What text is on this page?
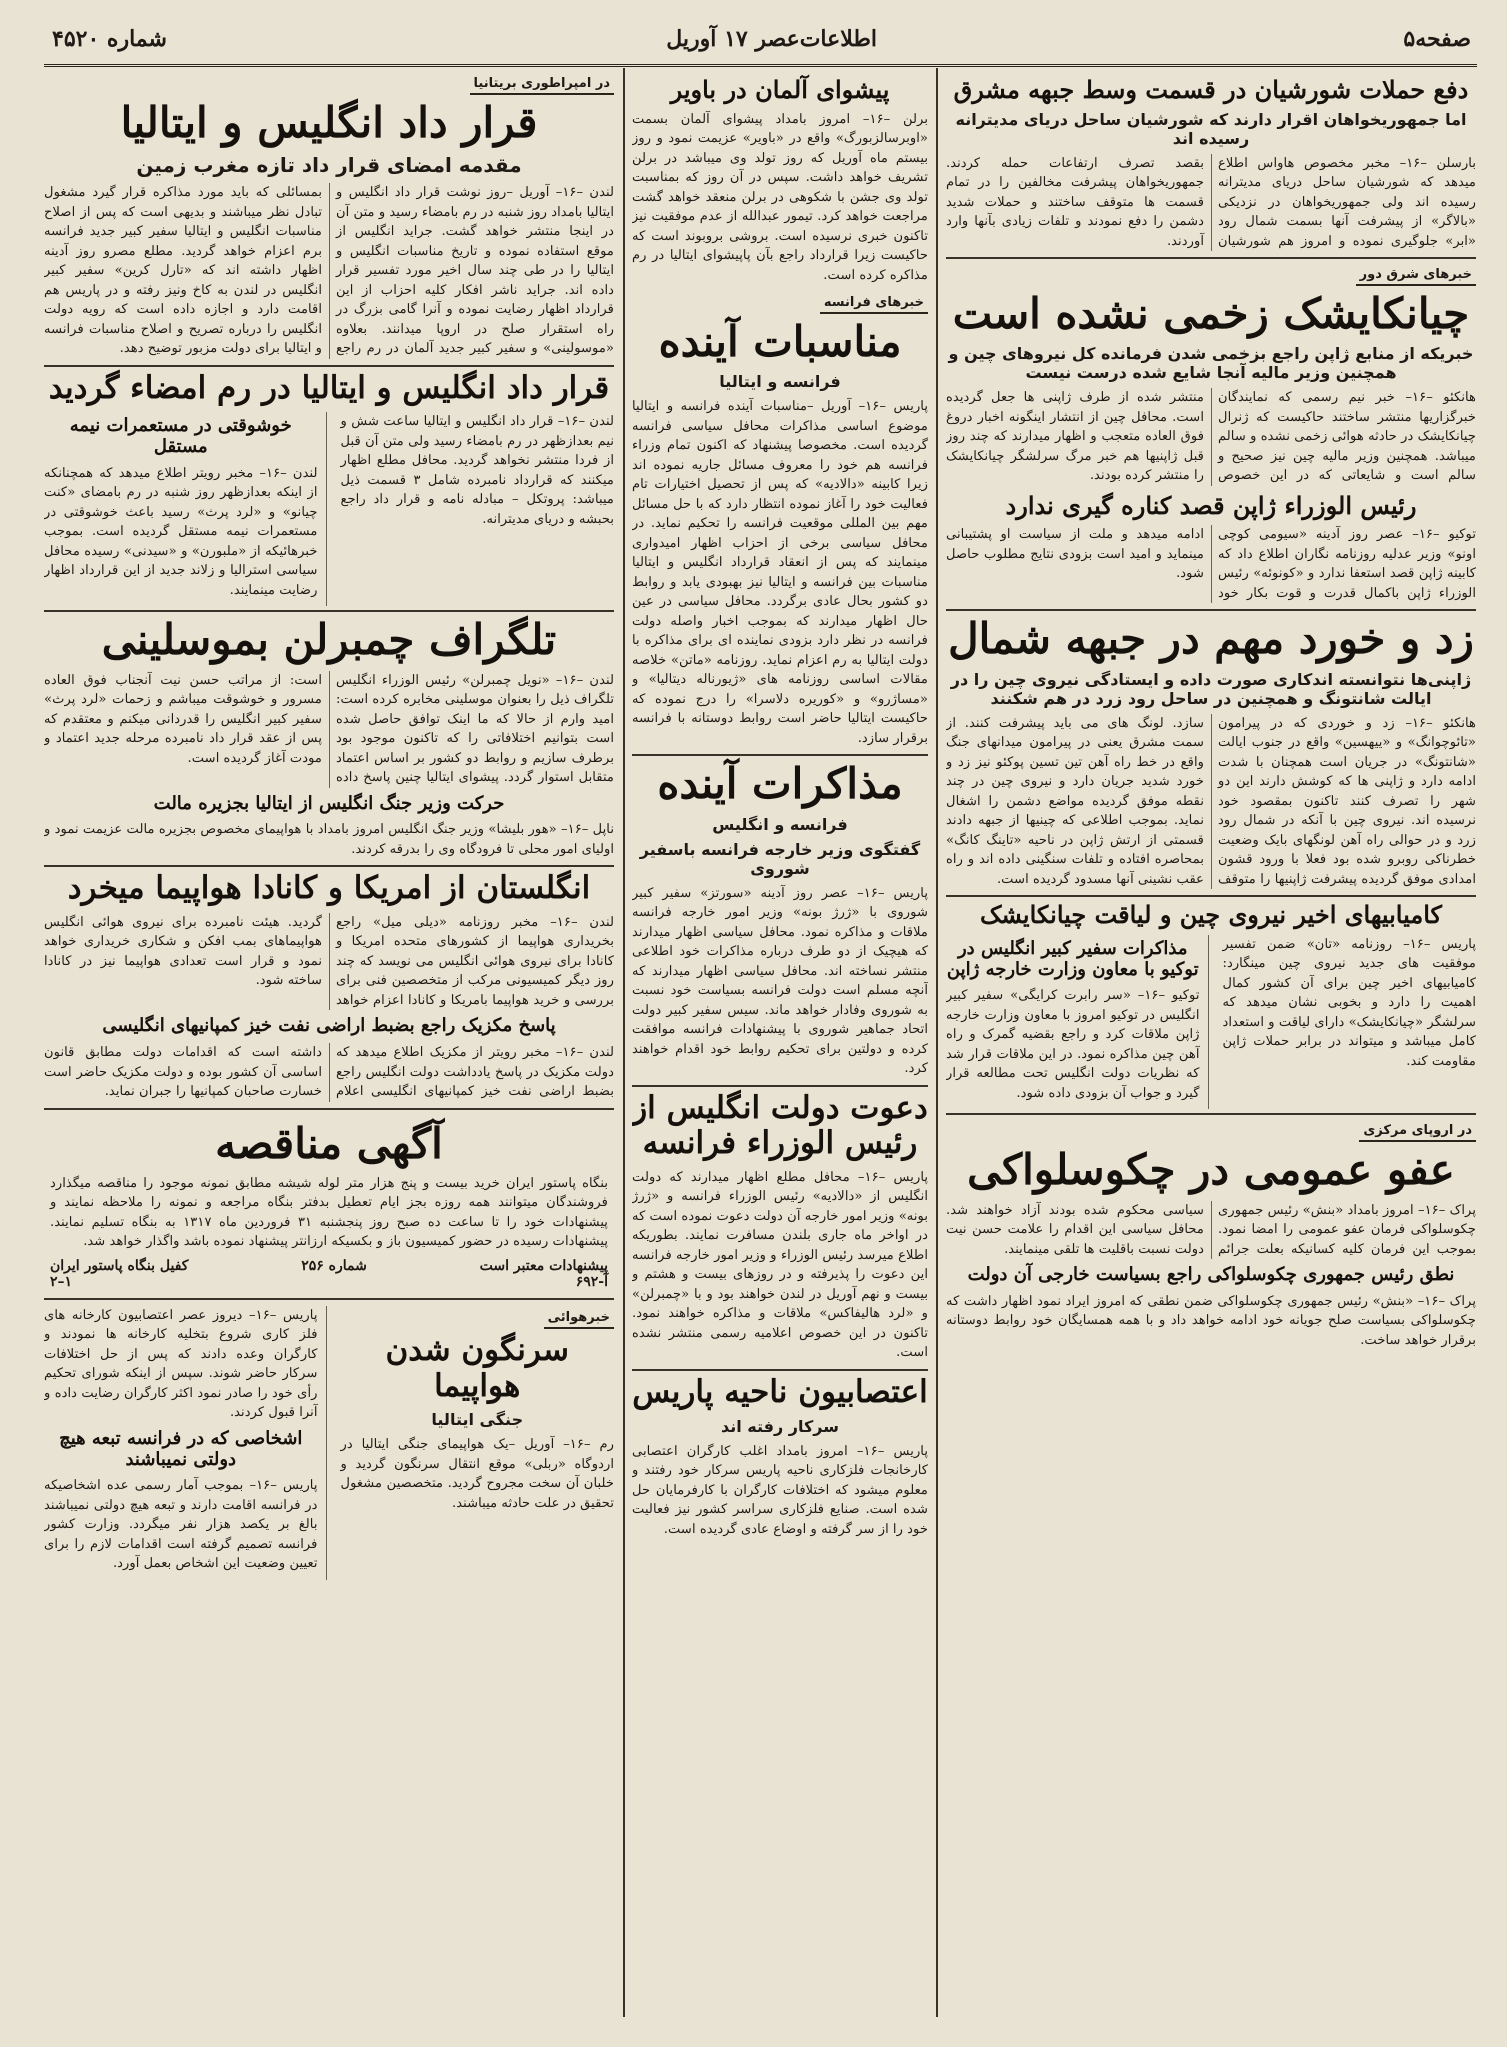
صفحه۵
اطلاعات‌عصر ۱۷ آوریل
شماره ۴۵۲۰
دفع حملات شورشیان در قسمت وسط جبهه مشرق
اما جمهوریخواهان اقرار دارند که شورشیان ساحل دریای مدیترانه رسیده اند

بارسلن –۱۶– مخبر مخصوص هاواس اطلاع میدهد که شورشیان ساحل دریای مدیترانه رسیده اند ولی جمهوریخواهان در نزدیکی «بالاگر» از پیشرفت آنها بسمت شمال رود «ابر» جلوگیری نموده و امروز هم شورشیان بقصد تصرف ارتفاعات حمله کردند. جمهوریخواهان پیشرفت مخالفین را در تمام قسمت ها متوقف ساختند و حملات شدید دشمن را دفع نمودند و تلفات زیادی بآنها وارد آوردند.

خبرهای شرق دور
چیانکایشک زخمی نشده است
خبریکه از منابع ژاپن راجع بزخمی شدن فرمانده کل نیروهای چین و همچنین وزیر مالیه آنجا شایع شده درست نیست

هانکئو –۱۶– خبر نیم رسمی که نمایندگان خبرگزاریها منتشر ساختند حاکیست که ژنرال چیانکایشک در حادثه هوائی زخمی نشده و سالم میباشد. همچنین وزیر مالیه چین نیز صحیح و سالم است و شایعاتی که در این خصوص منتشر شده از طرف ژاپنی ها جعل گردیده است. محافل چین از انتشار اینگونه اخبار دروغ فوق العاده متعجب و اظهار میدارند که چند روز قبل ژاپنیها هم خبر مرگ سرلشگر چیانکایشک را منتشر کرده بودند.

رئیس الوزراء ژاپن قصد کناره گیری ندارد

توکیو –۱۶– عصر روز آدینه «سیومی کوچی اونو» وزیر عدلیه روزنامه نگاران اطلاع داد که کابینه ژاپن قصد استعفا ندارد و «کونوئه» رئیس الوزراء ژاپن باکمال قدرت و قوت بکار خود ادامه میدهد و ملت از سیاست او پشتیبانی مینماید و امید است بزودی نتایج مطلوب حاصل شود.

زد و خورد مهم در جبهه شمال
ژاپنی‌ها نتوانسته اندکاری صورت داده و ایستادگی نیروی چین را در ایالت شانتونگ و همچنین در ساحل رود زرد در هم شکنند

هانکئو –۱۶– زد و خوردی که در پیرامون «تائوچوانگ» و «ییهسین» واقع در جنوب ایالت «شانتونگ» در جریان است همچنان با شدت ادامه دارد و ژاپنی ها که کوشش دارند این دو شهر را تصرف کنند تاکنون بمقصود خود نرسیده اند. نیروی چین با آنکه در شمال رود زرد و در حوالی راه آهن لونگهای بایک وضعیت خطرناکی روبرو شده بود فعلا با ورود قشون امدادی موفق گردیده پیشرفت ژاپنیها را متوقف سازد. لونگ های می باید پیشرفت کنند. از سمت مشرق یعنی در پیرامون میدانهای جنگ واقع در خط راه آهن تین تسین پوکئو نیز زد و خورد شدید جریان دارد و نیروی چین در چند نقطه موفق گردیده مواضع دشمن را اشغال نماید. بموجب اطلاعی که چینیها از جبهه دادند قسمتی از ارتش ژاپن در ناحیه «تاینگ کانگ» بمحاصره افتاده و تلفات سنگینی داده اند و راه عقب نشینی آنها مسدود گردیده است.

کامیابیهای اخیر نیروی چین و لیاقت چیانکایشک

پاریس –۱۶– روزنامه «تان» ضمن تفسیر موفقیت های جدید نیروی چین مینگارد: کامیابیهای اخیر چین برای آن کشور کمال اهمیت را دارد و بخوبی نشان میدهد که سرلشگر «چیانکایشک» دارای لیاقت و استعداد کامل میباشد و میتواند در برابر حملات ژاپن مقاومت کند.

مذاکرات سفیر کبیر انگلیس در توکیو با معاون وزارت خارجه ژاپن

توکیو –۱۶– «سر رابرت کرایگی» سفیر کبیر انگلیس در توکیو امروز با معاون وزارت خارجه ژاپن ملاقات کرد و راجع بقضیه گمرک و راه آهن چین مذاکره نمود. در این ملاقات قرار شد که نظریات دولت انگلیس تحت مطالعه قرار گیرد و جواب آن بزودی داده شود.

در اروپای مرکزی
عفو عمومی در چکوسلواکی

پراک –۱۶– امروز بامداد «بنش» رئیس جمهوری چکوسلواکی فرمان عفو عمومی را امضا نمود. بموجب این فرمان کلیه کسانیکه بعلت جرائم سیاسی محکوم شده بودند آزاد خواهند شد. محافل سیاسی این اقدام را علامت حسن نیت دولت نسبت باقلیت ها تلقی مینمایند.

نطق رئیس جمهوری چکوسلواکی راجع بسیاست خارجی آن دولت

پراک –۱۶– «بنش» رئیس جمهوری چکوسلواکی ضمن نطقی که امروز ایراد نمود اظهار داشت که چکوسلواکی بسیاست صلح جویانه خود ادامه خواهد داد و با همه همسایگان خود روابط دوستانه برقرار خواهد ساخت.

پیشوای آلمان در باویر

برلن –۱۶– امروز بامداد پیشوای آلمان بسمت «اوبرسالزبورگ» واقع در «باویر» عزیمت نمود و روز بیستم ماه آوریل که روز تولد وی میباشد در برلن تشریف خواهد داشت. سپس در آن روز که بمناسبت تولد وی جشن با شکوهی در برلن منعقد خواهد گشت مراجعت خواهد کرد. تیمور عبدالله از عدم موفقیت نیز تاکنون خبری نرسیده است. بروشی بروبوند است که حاکیست زیرا قرارداد راجع بآن پاپیشوای ایتالیا در رم مذاکره کرده است.

خبرهای فرانسه
مناسبات آینده
فرانسه و ایتالیا

پاریس –۱۶– آوریل –مناسبات آینده فرانسه و ایتالیا موضوع اساسی مذاکرات محافل سیاسی فرانسه گردیده است. مخصوصا پیشنهاد که اکنون تمام وزراء فرانسه هم خود را معروف مسائل جاریه نموده اند زیرا کابینه «دالادیه» که پس از تحصیل اختیارات تام فعالیت خود را آغاز نموده انتظار دارد که با حل مسائل مهم بین المللی موقعیت فرانسه را تحکیم نماید. در محافل سیاسی برخی از احزاب اظهار امیدواری مینمایند که پس از انعقاد قرارداد انگلیس و ایتالیا مناسبات بین فرانسه و ایتالیا نیز بهبودی یابد و روابط دو کشور بحال عادی برگردد. محافل سیاسی در عین حال اظهار میدارند که بموجب اخبار واصله دولت فرانسه در نظر دارد بزودی نماینده ای برای مذاکره با دولت ایتالیا به رم اعزام نماید. روزنامه «ماتن» خلاصه مقالات اساسی روزنامه های «ژیورناله دیتالیا» و «مساژرو» و «کوریره دلاسرا» را درج نموده که حاکیست ایتالیا حاضر است روابط دوستانه با فرانسه برقرار سازد.

مذاکرات آینده
فرانسه و انگلیس
گفتگوی وزیر خارجه فرانسه باسفیر شوروی

پاریس –۱۶– عصر روز آدینه «سورتز» سفیر کبیر شوروی با «ژرژ بونه» وزیر امور خارجه فرانسه ملاقات و مذاکره نمود. محافل سیاسی اظهار میدارند که هیچیک از دو طرف درباره مذاکرات خود اطلاعی منتشر نساخته اند. محافل سیاسی اظهار میدارند که آنچه مسلم است دولت فرانسه بسیاست خود نسبت به شوروی وفادار خواهد ماند. سیس سفیر کبیر دولت اتحاد جماهیر شوروی با پیشنهادات فرانسه موافقت کرده و دولتین برای تحکیم روابط خود اقدام خواهند کرد.

دعوت دولت انگلیس از رئیس الوزراء فرانسه

پاریس –۱۶– محافل مطلع اظهار میدارند که دولت انگلیس از «دالادیه» رئیس الوزراء فرانسه و «ژرژ بونه» وزیر امور خارجه آن دولت دعوت نموده است که در اواخر ماه جاری بلندن مسافرت نمایند. بطوریکه اطلاع میرسد رئیس الوزراء و وزیر امور خارجه فرانسه این دعوت را پذیرفته و در روزهای بیست و هشتم و بیست و نهم آوریل در لندن خواهند بود و با «چمبرلن» و «لرد هالیفاکس» ملاقات و مذاکره خواهند نمود. تاکنون در این خصوص اعلامیه رسمی منتشر نشده است.

اعتصابیون ناحیه پاریس
سرکار رفته اند

پاریس –۱۶– امروز بامداد اغلب کارگران اعتصابی کارخانجات فلزکاری ناحیه پاریس سرکار خود رفتند و معلوم میشود که اختلافات کارگران با کارفرمایان حل شده است. صنایع فلزکاری سراسر کشور نیز فعالیت خود را از سر گرفته و اوضاع عادی گردیده است.

در امپراطوری بریتانیا
قرار داد انگلیس و ایتالیا
مقدمه امضای قرار داد تازه مغرب زمین

لندن –۱۶– آوریل –روز نوشت قرار داد انگلیس و ایتالیا بامداد روز شنبه در رم بامضاء رسید و متن آن در اینجا منتشر خواهد گشت. جراید انگلیس از موقع استفاده نموده و تاریخ مناسبات انگلیس و ایتالیا را در طی چند سال اخیر مورد تفسیر قرار داده اند. جراید ناشر افکار کلیه احزاب از این قرارداد اظهار رضایت نموده و آنرا گامی بزرگ در راه استقرار صلح در اروپا میدانند. بعلاوه «موسولینی» و سفیر کبیر جدید آلمان در رم راجع بمسائلی که باید مورد مذاکره قرار گیرد مشغول تبادل نظر میباشند و بدیهی است که پس از اصلاح مناسبات انگلیس و ایتالیا سفیر کبیر جدید فرانسه برم اعزام خواهد گردید. مطلع مصرو روز آدینه اظهار داشته اند که «تارل کرین» سفیر کبیر انگلیس در لندن به کاخ ونیز رفته و در پاریس هم اقامت دارد و اجازه داده است که رویه دولت انگلیس را درباره تصریح و اصلاح مناسبات فرانسه و ایتالیا برای دولت مزبور توضیح دهد.

قرار داد انگلیس و ایتالیا در رم امضاء گردید

لندن –۱۶– قرار داد انگلیس و ایتالیا ساعت شش و نیم بعدازظهر در رم بامضاء رسید ولی متن آن قبل از فردا منتشر نخواهد گردید. محافل مطلع اظهار میکنند که قرارداد نامبرده شامل ۳ قسمت ذیل میباشد: پروتکل – مبادله نامه و قرار داد راجع بحبشه و دریای مدیترانه.

خوشوقتی در مستعمرات نیمه مستقل

لندن –۱۶– مخبر رویتر اطلاع میدهد که همچنانکه از اینکه بعدازظهر روز شنبه در رم بامضای «کنت چیانو» و «لرد پرث» رسید باعث خوشوقتی در مستعمرات نیمه مستقل گردیده است. بموجب خبرهائیکه از «ملبورن» و «سیدنی» رسیده محافل سیاسی استرالیا و زلاند جدید از این قرارداد اظهار رضایت مینمایند.

تلگراف چمبرلن بموسلینی

لندن –۱۶– «نویل چمبرلن» رئیس الوزراء انگلیس تلگراف ذیل را بعنوان موسلینی مخابره کرده است: امید وارم از حالا که ما اینک توافق حاصل شده است بتوانیم اختلافاتی را که تاکنون موجود بود برطرف سازیم و روابط دو کشور بر اساس اعتماد متقابل استوار گردد. پیشوای ایتالیا چنین پاسخ داده است: از مراتب حسن نیت آنجناب فوق العاده مسرور و خوشوقت میباشم و زحمات «لرد پرث» سفیر کبیر انگلیس را قدردانی میکنم و معتقدم که پس از عقد قرار داد نامبرده مرحله جدید اعتماد و مودت آغاز گردیده است.

حرکت وزیر جنگ انگلیس از ایتالیا بجزیره مالت

ناپل –۱۶– «هور بلیشا» وزیر جنگ انگلیس امروز بامداد با هواپیمای مخصوص بجزیره مالت عزیمت نمود و اولیای امور محلی تا فرودگاه وی را بدرقه کردند.

انگلستان از امریکا و کانادا هواپیما میخرد

لندن –۱۶– مخبر روزنامه «دیلی میل» راجع بخریداری هواپیما از کشورهای متحده امریکا و کانادا برای نیروی هوائی انگلیس می نویسد که چند روز دیگر کمیسیونی مرکب از متخصصین فنی برای بررسی و خرید هواپیما بامریکا و کانادا اعزام خواهد گردید. هیئت نامبرده برای نیروی هوائی انگلیس هواپیماهای بمب افکن و شکاری خریداری خواهد نمود و قرار است تعدادی هواپیما نیز در کانادا ساخته شود.

پاسخ مکزیک راجع بضبط اراضی نفت خیز کمپانیهای انگلیسی

لندن –۱۶– مخبر رویتر از مکزیک اطلاع میدهد که دولت مکزیک در پاسخ یادداشت دولت انگلیس راجع بضبط اراضی نفت خیز کمپانیهای انگلیسی اعلام داشته است که اقدامات دولت مطابق قانون اساسی آن کشور بوده و دولت مکزیک حاضر است خسارت صاحبان کمپانیها را جبران نماید.

آگهی مناقصه

بنگاه پاستور ایران خرید بیست و پنج هزار متر لوله شیشه مطابق نمونه موجود را مناقصه میگذارد فروشندگان میتوانند همه روزه بجز ایام تعطیل بدفتر بنگاه مراجعه و نمونه را ملاحظه نمایند و پیشنهادات خود را تا ساعت ده صبح روز پنجشنبه ۳۱ فروردین ماه ۱۳۱۷ به بنگاه تسلیم نمایند. پیشنهادات رسیده در حضور کمیسیون باز و بکسیکه ارزانتر پیشنهاد نموده باشد واگذار خواهد شد.

پیشنهادات معتبر است
شماره ۲۵۶
کفیل بنگاه پاستور ایران
آ-۶۹۲
۱–۲
خبرهوائی
سرنگون شدن هواپیما
جنگی ایتالیا

رم –۱۶– آوریل –یک هواپیمای جنگی ایتالیا در اردوگاه «ربلی» موقع انتقال سرنگون گردید و خلبان آن سخت مجروح گردید. متخصصین مشغول تحقیق در علت حادثه میباشند.

پاریس –۱۶– دیروز عصر اعتصابیون کارخانه های فلز کاری شروع بتخلیه کارخانه ها نمودند و کارگران وعده دادند که پس از حل اختلافات سرکار حاضر شوند. سپس از اینکه شورای تحکیم رأی خود را صادر نمود اکثر کارگران رضایت داده و آنرا قبول کردند.

اشخاصی که در فرانسه تبعه هیچ دولتی نمیباشند

پاریس –۱۶– بموجب آمار رسمی عده اشخاصیکه در فرانسه اقامت دارند و تبعه هیچ دولتی نمیباشند بالغ بر یکصد هزار نفر میگردد. وزارت کشور فرانسه تصمیم گرفته است اقدامات لازم را برای تعیین وضعیت این اشخاص بعمل آورد.
